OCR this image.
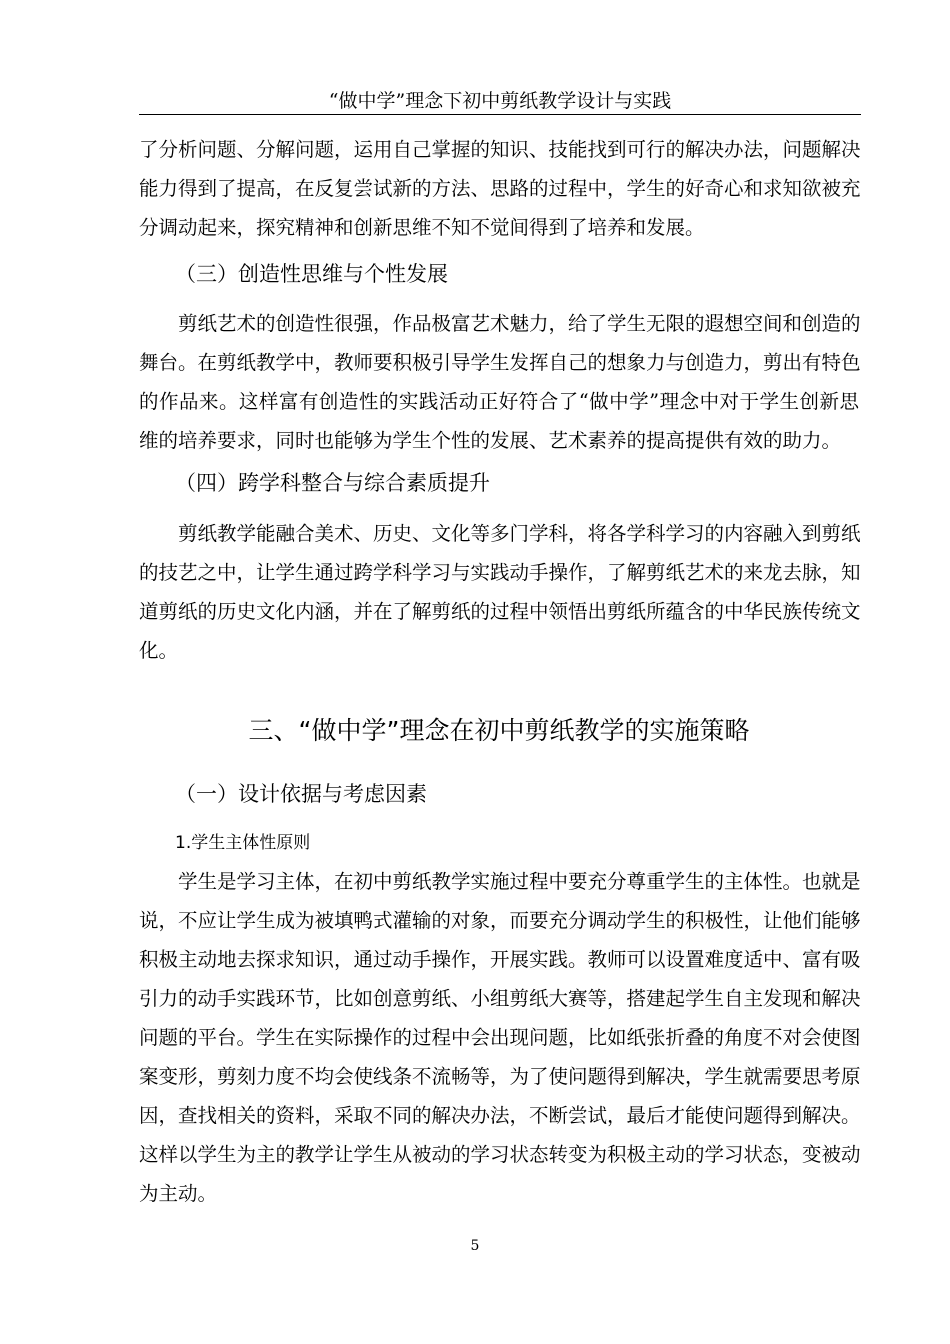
“做中学”理念下初中剪纸教学设计与实践
了分析问题、分解问题，运用自己掌握的知识、技能找到可行的解决办法，问题解决
能力得到了提高，在反复尝试新的方法、思路的过程中，学生的好奇心和求知欲被充
分调动起来，探究精神和创新思维不知不觉间得到了培养和发展。
（三）创造性思维与个性发展
剪纸艺术的创造性很强，作品极富艺术魅力，给了学生无限的遐想空间和创造的
舞台。在剪纸教学中，教师要积极引导学生发挥自己的想象力与创造力，剪出有特色
的作品来。这样富有创造性的实践活动正好符合了“做中学”理念中对于学生创新思
维的培养要求，同时也能够为学生个性的发展、艺术素养的提高提供有效的助力。
（四）跨学科整合与综合素质提升
剪纸教学能融合美术、历史、文化等多门学科，将各学科学习的内容融入到剪纸
的技艺之中，让学生通过跨学科学习与实践动手操作，了解剪纸艺术的来龙去脉，知
道剪纸的历史文化内涵，并在了解剪纸的过程中领悟出剪纸所蕴含的中华民族传统文
化。
三、“做中学”理念在初中剪纸教学的实施策略
（一）设计依据与考虑因素
1.学生主体性原则
学生是学习主体，在初中剪纸教学实施过程中要充分尊重学生的主体性。也就是
说，不应让学生成为被填鸭式灌输的对象，而要充分调动学生的积极性，让他们能够
积极主动地去探求知识，通过动手操作，开展实践。教师可以设置难度适中、富有吸
引力的动手实践环节，比如创意剪纸、小组剪纸大赛等，搭建起学生自主发现和解决
问题的平台。学生在实际操作的过程中会出现问题，比如纸张折叠的角度不对会使图
案变形，剪刻力度不均会使线条不流畅等，为了使问题得到解决，学生就需要思考原
因，查找相关的资料，采取不同的解决办法，不断尝试，最后才能使问题得到解决。
这样以学生为主的教学让学生从被动的学习状态转变为积极主动的学习状态，变被动
为主动。
5
